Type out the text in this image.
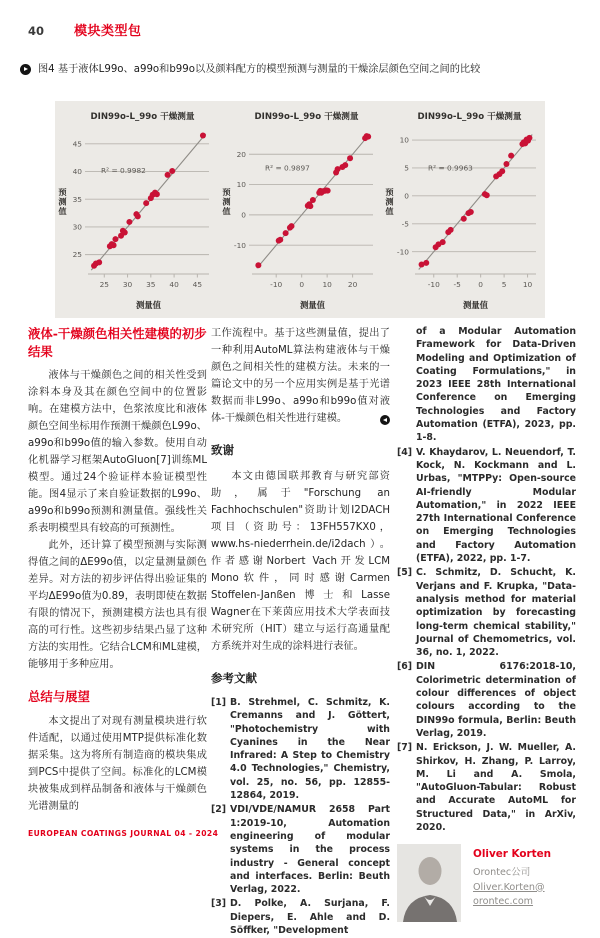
40 模块类型包
图4 基于液体L99o、a99o和b99o以及颜料配方的模型预测与测量的干燥涂层颜色空间之间的比较
DIN99o-L_99o 干燥测量
25
30
35
40
45
25 30 35 40 45
测量值
预
测
值
R² = 0.9982
DIN99o-L_99o 干燥测量
-10
0
10
20
-10 0 10 20
测量值
预
测
值
R² = 0.9897
DIN99o-L_99o 干燥测量
-10
-5
0
5
10
-10 -5 0	5 10
测量值
预
测
值
R² = 0.9963
液体-干燥颜色相关性建模的初步结果

液体与干燥颜色之间的相关性受到涂料本身及其在颜色空间中的位置影响。在建模方法中，色浆浓度比和液体颜色空间坐标用作预测干燥颜色L99o、a99o和b99o值的输入参数。使用自动化机器学习框架AutoGluon[7]训练ML模型。通过24个验证样本验证模型性能。图4显示了来自验证数据的L99o、a99o和b99o预测和测量值。强线性关系表明模型具有较高的可预测性。

此外，还计算了模型预测与实际测得值之间的ΔE99o值，以定量测量颜色差异。对方法的初步评估得出验证集的平均ΔE99o值为0.89，表明即使在数据有限的情况下，预测建模方法也具有很高的可行性。这些初步结果凸显了这种方法的实用性。它结合LCM和ML建模，能够用于多种应用。

总结与展望

本文提出了对现有测量模块进行软件适配，以通过使用MTP提供标准化数据采集。这为将所有制造商的模块集成到PCS中提供了空间。标准化的LCM模块被集成到样品制备和液体与干燥颜色光谱测量的

工作流程中。基于这些测量值，提出了一种利用AutoML算法构建液体与干燥颜色之间相关性的建模方法。未来的一篇论文中的另一个应用实例是基于光谱数据而非L99o、a99o和b99o值对液体-干燥颜色相关性进行建模。

致谢

本文由德国联邦教育与研究部资助，属于"Forschung an Fachhochschulen"资助计划I2DACH项目（资助号：13FH557KX0，www.hs-niederrhein.de/i2dach）。作者感谢Norbert Vach开发LCM Mono软件，同时感谢Carmen Stoffelen-Janßen博士和Lasse Wagner在下莱茵应用技术大学表面技术研究所（HIT）建立与运行高通量配方系统并对生成的涂料进行表征。

参考文献
[1] B. Strehmel, C. Schmitz, K. Cremanns and J. Göttert, "Photochemistry with Cyanines in the Near Infrared: A Step to Chemistry 4.0 Technologies," Chemistry, vol. 25, no. 56, pp. 12855-12864, 2019.
[2] VDI/VDE/NAMUR 2658 Part 1:2019-10, Automation engineering of modular systems in the process industry - General concept and interfaces. Berlin: Beuth Verlag, 2022.
[3] D. Polke, A. Surjana, F. Diepers, E. Ahle and D. Söffker, "Development
of a Modular Automation Framework for Data-Driven Modeling and Optimization of Coating Formulations," in 2023 IEEE 28th International Conference on Emerging Technologies and Factory Automation (ETFA), 2023, pp. 1-8.
[4] V. Khaydarov, L. Neuendorf, T. Kock, N. Kockmann and L. Urbas, "MTPPy: Open-source AI-friendly Modular Automation," in 2022 IEEE 27th International Conference on Emerging Technologies and Factory Automation (ETFA), 2022, pp. 1-7.
[5] C. Schmitz, D. Schucht, K. Verjans and F. Krupka, "Data-analysis method for material optimization by forecasting long-term chemical stability," Journal of Chemometrics, vol. 36, no. 1, 2022.
[6] DIN 6176:2018-10, Colorimetric determination of colour differences of object colours according to the DIN99o formula, Berlin: Beuth Verlag, 2019.
[7] N. Erickson, J. W. Mueller, A. Shirkov, H. Zhang, P. Larroy, M. Li and A. Smola, "AutoGluon-Tabular: Robust and Accurate AutoML for Structured Data," in ArXiv, 2020.
Oliver Korten
Orontec公司
Oliver.Korten@
orontec.com
EUROPEAN COATINGS JOURNAL 04 - 2024
